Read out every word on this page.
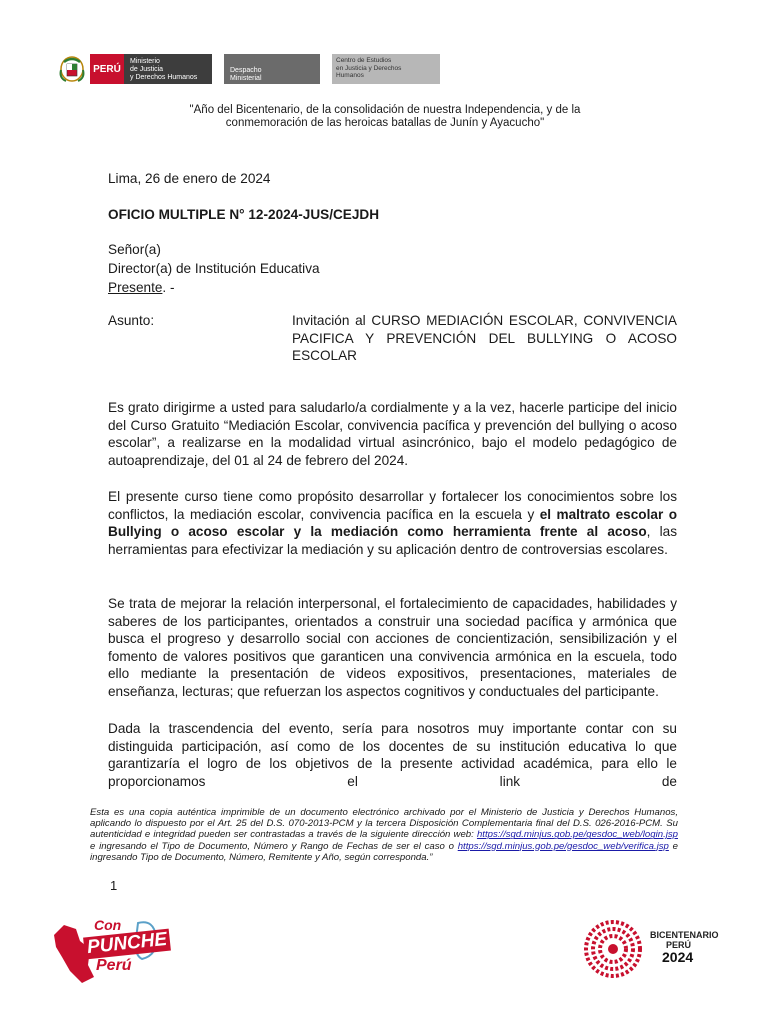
PERÚ
Ministerio
de Justicia
y Derechos Humanos
Despacho
Ministerial
Centro de Estudios
en Justicia y Derechos
Humanos
"Año del Bicentenario, de la consolidación de nuestra Independencia, y de la
conmemoración de las heroicas batallas de Junín y Ayacucho"
Lima, 26 de enero de 2024
OFICIO MULTIPLE N° 12-2024-JUS/CEJDH
Señor(a)
Director(a) de Institución Educativa
Presente. -
Asunto:	Invitación al CURSO MEDIACIÓN ESCOLAR, CONVIVENCIA PACIFICA Y PREVENCIÓN DEL BULLYING O ACOSO ESCOLAR
Es grato dirigirme a usted para saludarlo/a cordialmente y a la vez, hacerle participe del inicio del Curso Gratuito “Mediación Escolar, convivencia pacífica y prevención del bullying o acoso escolar”, a realizarse en la modalidad virtual asincrónico, bajo el modelo pedagógico de autoaprendizaje, del 01 al 24 de febrero del 2024.
El presente curso tiene como propósito desarrollar y fortalecer los conocimientos sobre los conflictos, la mediación escolar, convivencia pacífica en la escuela y el maltrato escolar o Bullying o acoso escolar y la mediación como herramienta frente al acoso, las herramientas para efectivizar la mediación y su aplicación dentro de controversias escolares.
Se trata de mejorar la relación interpersonal, el fortalecimiento de capacidades, habilidades y saberes de los participantes, orientados a construir una sociedad pacífica y armónica que busca el progreso y desarrollo social con acciones de concientización, sensibilización y el fomento de valores positivos que garanticen una convivencia armónica en la escuela, todo ello mediante la presentación de videos expositivos, presentaciones, materiales de enseñanza, lecturas; que refuerzan los aspectos cognitivos y conductuales del participante.
Dada la trascendencia del evento, sería para nosotros muy importante contar con su distinguida participación, así como de los docentes de su institución educativa lo que garantizaría el logro de los objetivos de la presente actividad académica, para ello le proporcionamos el link de
Esta es una copia auténtica imprimible de un documento electrónico archivado por el Ministerio de Justicia y Derechos Humanos, aplicando lo dispuesto por el Art. 25 del D.S. 070-2013-PCM y la tercera Disposición Complementaria final del D.S. 026-2016-PCM. Su autenticidad e integridad pueden ser contrastadas a través de la siguiente dirección web: https://sgd.minjus.gob.pe/gesdoc_web/login.jsp e ingresando el Tipo de Documento, Número y Rango de Fechas de ser el caso o https://sgd.minjus.gob.pe/gesdoc_web/verifica.jsp e ingresando Tipo de Documento, Número, Remitente y Año, según corresponda.”
1
Con
PUNCHE
Perú
BICENTENARIO
PERÚ
2024
